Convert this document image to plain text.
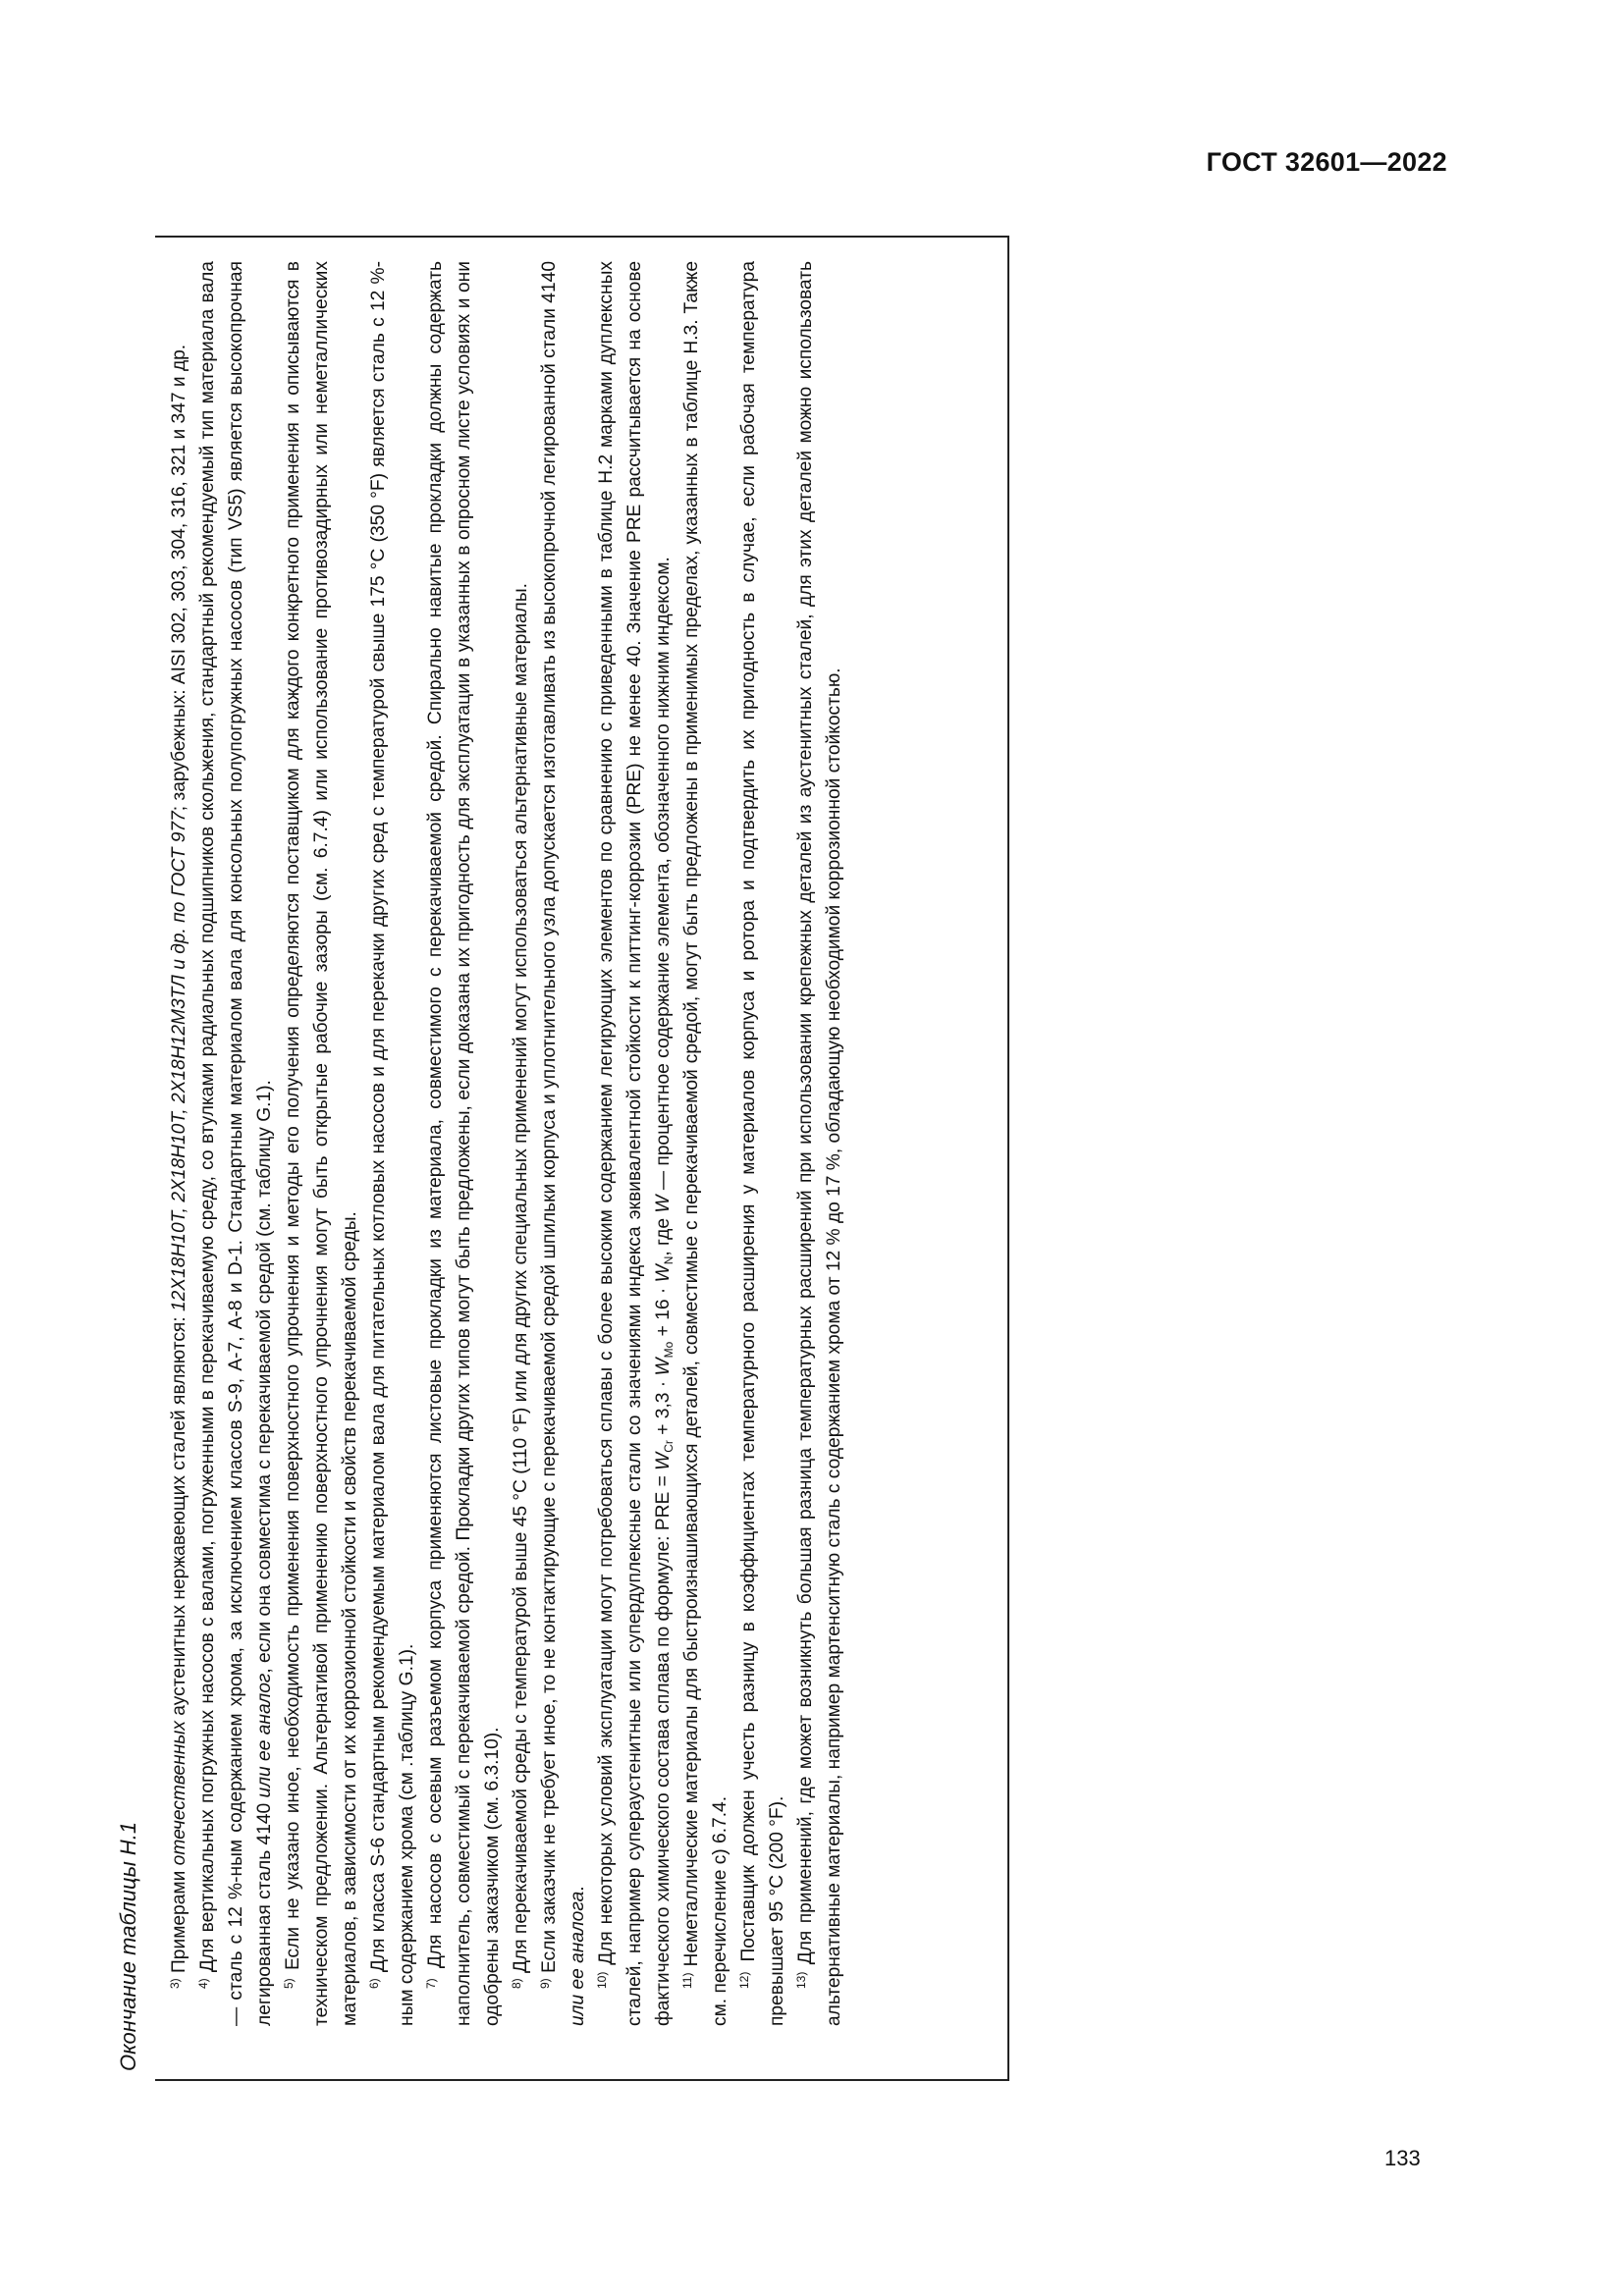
ГОСТ 32601—2022
Окончание таблицы Н.1	$^{3)}$ Примерами отечественных аустенитных нержавеющих сталей являются: 12Х18Н10Т, 2Х18Н10Т, 2Х18Н12М3ТЛ и др. по ГОСТ 977; зарубежных: AISI 302, 303, 304, 316, 321 и 347 и др.

$^{4)}$ Для вертикальных погружных насосов с валами, погруженными в перекачиваемую среду, со втулками радиальных подшипников скольжения, стандартный рекомендуемый тип материала вала — сталь с 12 %-ным содержанием хрома, за исключением классов S-9, А-7, А-8 и D-1. Стандартным материалом вала для консольных полупогружных насосов (тип VS5) является высокопрочная легированная сталь 4140 или ее аналог, если она совместима с перекачиваемой средой (см. таблицу G.1).

$^{5)}$ Если не указано иное, необходимость применения поверхностного упрочнения и методы его получения определяются поставщиком для каждого конкретного применения и описываются в техническом предложении. Альтернативой применению поверхностного упрочнения могут быть открытые рабочие зазоры (см. 6.7.4) или использование противозадирных или неметаллических материалов, в зависимости от их коррозионной стойкости и свойств перекачиваемой среды. $^{6)}$ Для класса S-6 стандартным рекомендуемым материалом вала для питательных котловых насосов и для перекачки других сред с температурой свыше 175 °С (350 °F) является сталь с 12 %-ным содержанием хрома (см .таблицу G.1). $^{7)}$ Для насосов с осевым разъемом корпуса применяются листовые прокладки из материала, совместимого с перекачиваемой средой. Спирально навитые прокладки должны содержать наполнитель, совместимый с перекачиваемой средой. Прокладки других типов могут быть предложены, если доказана их пригодность для эксплуатации в указанных в опросном листе условиях и они одобрены заказчиком (см. 6.3.10). $^{8)}$ Для перекачиваемой среды с температурой выше 45 °С (110 °F) или для других специальных применений могут использоваться альтернативные материалы.

$^{9)}$ Если заказчик не требует иное, то не контактирующие с перекачиваемой средой шпильки корпуса и уплотнительного узла допускается изготавливать из высокопрочной легированной стали 4140 или ее аналога.

$^{10)}$ Для некоторых условий эксплуатации могут потребоваться сплавы с более высоким содержанием легирующих элементов по сравнению с приведенными в таблице Н.2 марками дуплексных сталей, например супераустенитные или супердуплексные стали со значениями индекса эквивалентной стойкости к питтинг-коррозии (PRE) не менее 40. Значение PRE рассчитывается на основе фактического химического состава сплава по формуле: PRE = $W_{Cr} + 3,3 \cdot W_{Mo} + 16 \cdot W_N$, где W — процентное содержание элемента, обозначенного нижним индексом.

$^{11)}$ Неметаллические материалы для быстроизнашивающихся деталей, совместимые с перекачиваемой средой, могут быть предложены в применимых пределах, указанных в таблице Н.3. Также см. перечисление с) 6.7.4. $^{12)}$ Поставщик должен учесть разницу в коэффициентах температурного расширения у материалов корпуса и ротора и подтвердить их пригодность в случае, если рабочая температура превышает 95 °С (200 °F). $^{13)}$ Для применений, где может возникнуть большая разница температурных расширений при использовании крепежных деталей из аустенитных сталей, для этих деталей можно использовать альтернативные материалы, например мартенситную сталь с содержанием хрома от 12 % до 17 %, обладающую необходимой коррозионной стойкостью.

133
